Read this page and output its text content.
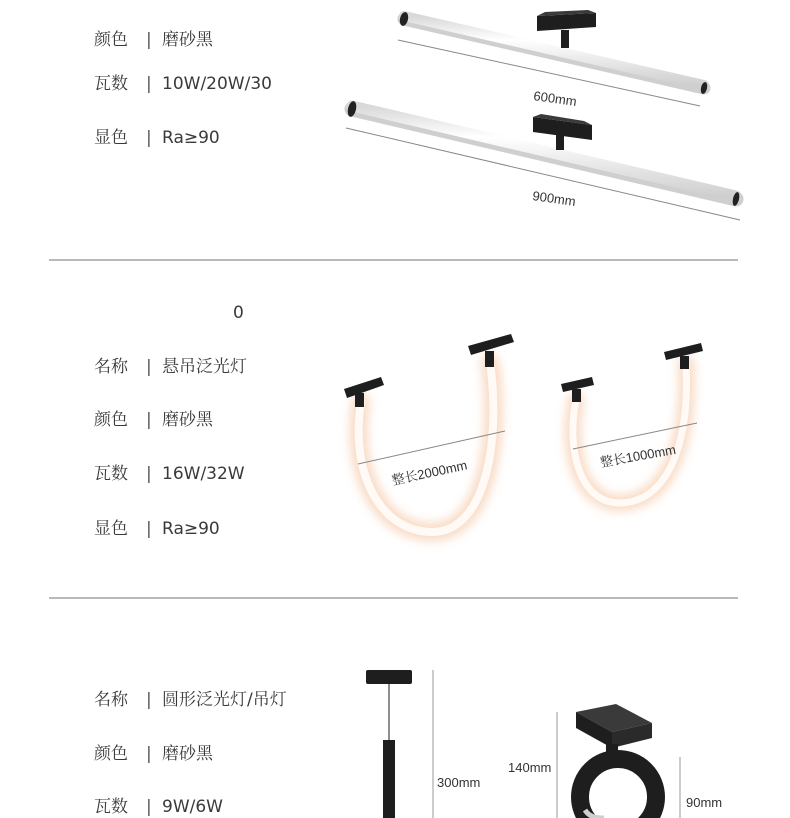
颜色 | 磨砂黑
瓦数 | 10W/20W/30
显色 | Ra≥90
0
名称 | 悬吊泛光灯
颜色 | 磨砂黑
瓦数 | 16W/32W
显色 | Ra≥90
名称 | 圆形泛光灯/吊灯
颜色 | 磨砂黑
瓦数 | 9W/6W
600mm
900mm
整长2000mm
整长1000mm
300mm
140mm
90mm
